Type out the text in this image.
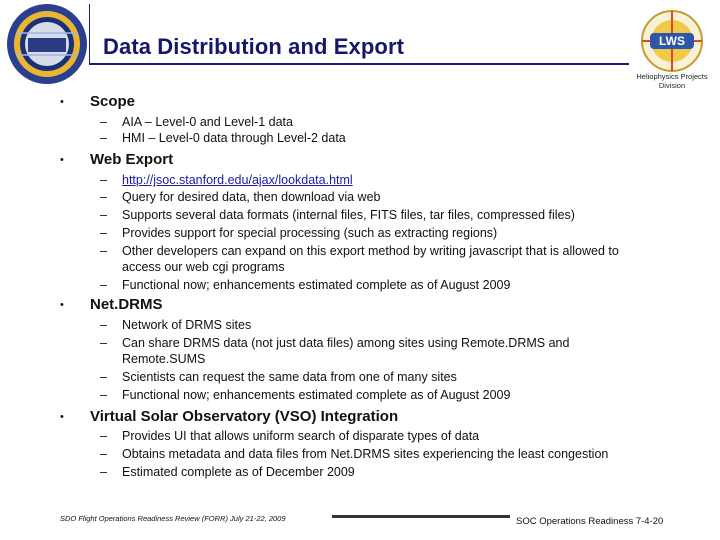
Data Distribution and Export	LWS
Heliophysics Projects Division
• Scope
– AIA – Level-0 and Level-1 data
– HMI – Level-0 data through Level-2 data
• Web Export
– http://jsoc.stanford.edu/ajax/lookdata.html
– Query for desired data, then download via web
– Supports several data formats (internal files, FITS files, tar files, compressed files)
– Provides support for special processing (such as extracting regions)
– Other developers can expand on this export method by writing javascript that is allowed to
access our web cgi programs
– Functional now; enhancements estimated complete as of August 2009
• Net.DRMS
– Network of DRMS sites
– Can share DRMS data (not just data files) among sites using Remote.DRMS and
Remote.SUMS
– Scientists can request the same data from one of many sites
– Functional now; enhancements estimated complete as of August 2009
• Virtual Solar Observatory (VSO) Integration
– Provides UI that allows uniform search of disparate types of data
– Obtains metadata and data files from Net.DRMS sites experiencing the least congestion
– Estimated complete as of December 2009
SDO Flight Operations Readiness Review (FORR) July 21-22, 2009	SOC Operations Readiness 7-4-20
